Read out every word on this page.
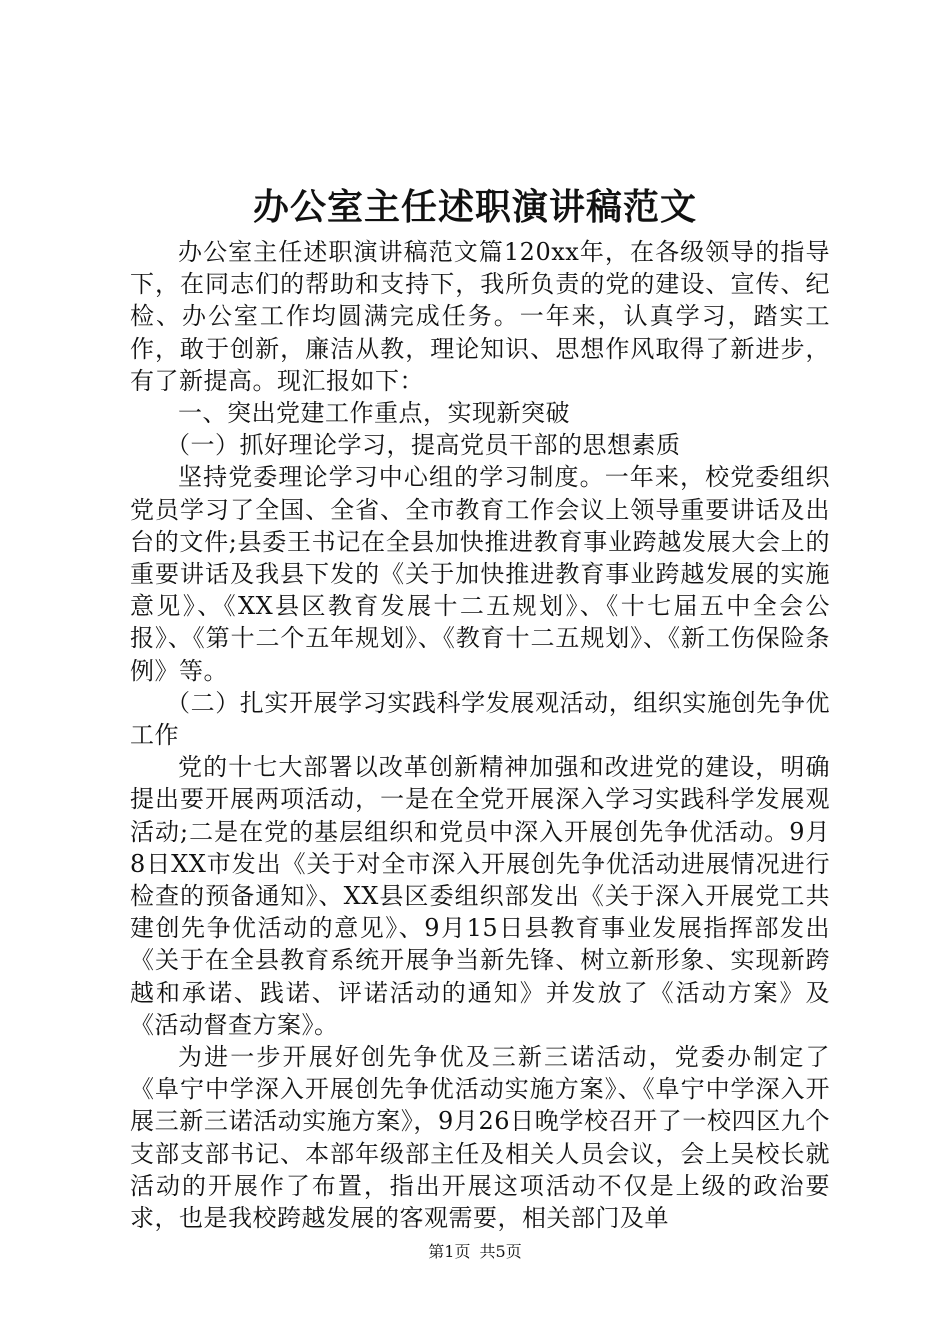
办公室主任述职演讲稿范文

办公室主任述职演讲稿范文篇120xx年，在各级领导的指导下，在同志们的帮助和支持下，我所负责的党的建设、宣传、纪检、办公室工作均圆满完成任务。一年来，认真学习，踏实工作，敢于创新，廉洁从教，理论知识、思想作风取得了新进步，有了新提高。现汇报如下：

一、突出党建工作重点，实现新突破

（一）抓好理论学习，提高党员干部的思想素质

坚持党委理论学习中心组的学习制度。一年来，校党委组织党员学习了全国、全省、全市教育工作会议上领导重要讲话及出台的文件;县委王书记在全县加快推进教育事业跨越发展大会上的重要讲话及我县下发的《关于加快推进教育事业跨越发展的实施意见》、《XX县区教育发展十二五规划》、《十七届五中全会公报》、《第十二个五年规划》、《教育十二五规划》、《新工伤保险条例》等。

（二）扎实开展学习实践科学发展观活动，组织实施创先争优工作

党的十七大部署以改革创新精神加强和改进党的建设，明确提出要开展两项活动，一是在全党开展深入学习实践科学发展观活动;二是在党的基层组织和党员中深入开展创先争优活动。9月8日XX市发出《关于对全市深入开展创先争优活动进展情况进行检查的预备通知》、XX县区委组织部发出《关于深入开展党工共建创先争优活动的意见》、9月15日县教育事业发展指挥部发出《关于在全县教育系统开展争当新先锋、树立新形象、实现新跨越和承诺、践诺、评诺活动的通知》并发放了《活动方案》及《活动督查方案》。

为进一步开展好创先争优及三新三诺活动，党委办制定了《阜宁中学深入开展创先争优活动实施方案》、《阜宁中学深入开展三新三诺活动实施方案》，9月26日晚学校召开了一校四区九个支部支部书记、本部年级部主任及相关人员会议，会上吴校长就活动的开展作了布置，指出开展这项活动不仅是上级的政治要求，也是我校跨越发展的客观需要，相关部门及单

第1页 共5页
